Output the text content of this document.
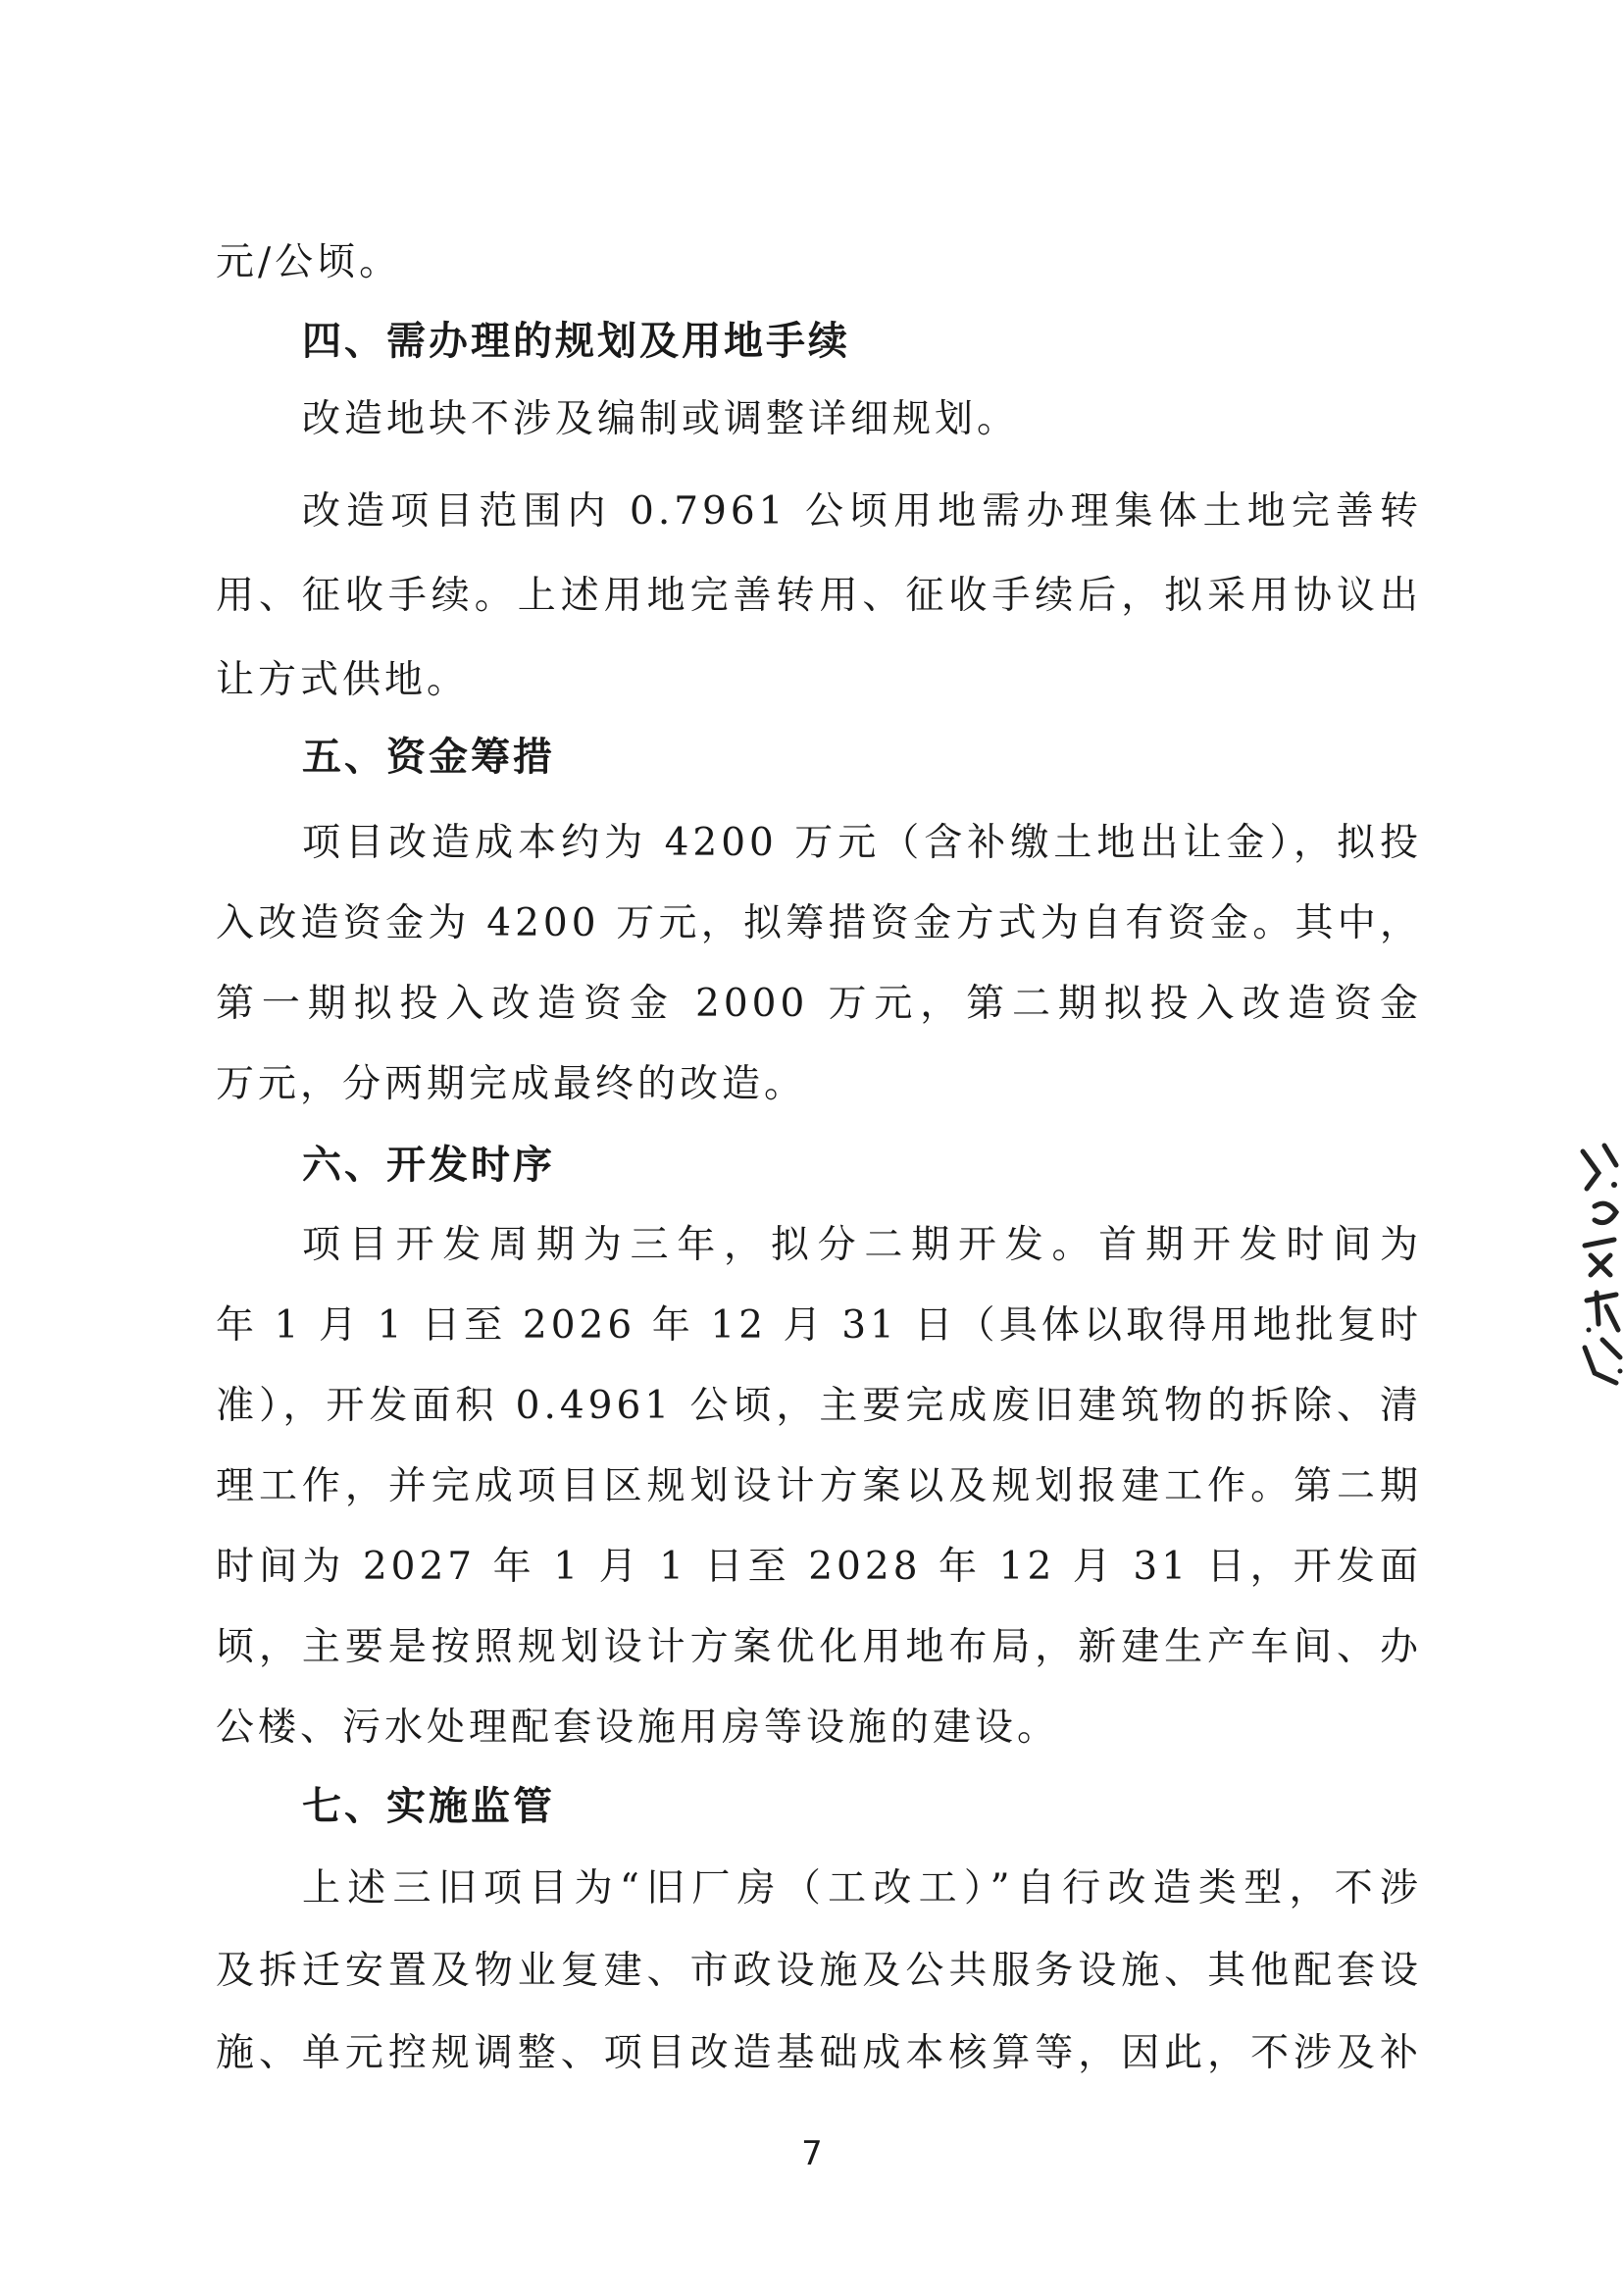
元/公顷。
四、需办理的规划及用地手续
改造地块不涉及编制或调整详细规划。
改造项目范围内 0.7961 公顷用地需办理集体土地完善转
用、征收手续。上述用地完善转用、征收手续后，拟采用协议出
让方式供地。
五、资金筹措
项目改造成本约为 4200 万元（含补缴土地出让金），拟投
入改造资金为 4200 万元，拟筹措资金方式为自有资金。其中，
第一期拟投入改造资金 2000 万元，第二期拟投入改造资金
万元，分两期完成最终的改造。
六、开发时序
项目开发周期为三年，拟分二期开发。首期开发时间为
年 1 月 1 日至 2026 年 12 月 31 日（具体以取得用地批复时
准），开发面积 0.4961 公顷，主要完成废旧建筑物的拆除、清
理工作，并完成项目区规划设计方案以及规划报建工作。第二期
时间为 2027 年 1 月 1 日至 2028 年 12 月 31 日，开发面
顷，主要是按照规划设计方案优化用地布局，新建生产车间、办
公楼、污水处理配套设施用房等设施的建设。
七、实施监管
上述三旧项目为“旧厂房（工改工）”自行改造类型，不涉
及拆迁安置及物业复建、市政设施及公共服务设施、其他配套设
施、单元控规调整、项目改造基础成本核算等，因此，不涉及补
7
